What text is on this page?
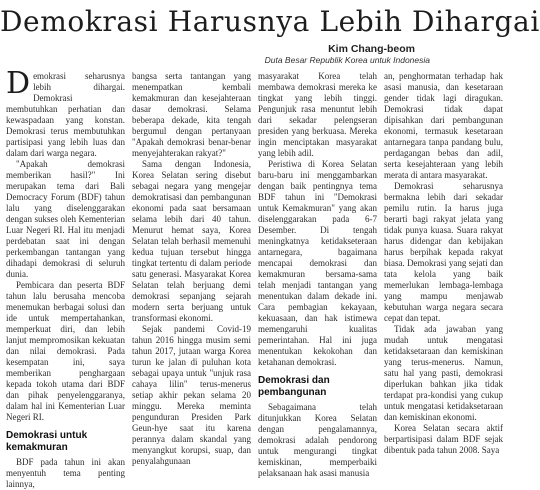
Demokrasi Harusnya Lebih Dihargai
Kim Chang-beom
Duta Besar Republik Korea untuk Indonesia

Demokrasi seharusnya lebih dihargai. Demokrasi membutuhkan perhatian dan kewaspadaan yang konstan. Demokrasi terus membutuhkan partisipasi yang lebih luas dan dalam dari warga negara.

"Apakah demokrasi memberikan hasil?" Ini merupakan tema dari Bali Democracy Forum (BDF) tahun lalu yang diselenggarakan dengan sukses oleh Kementerian Luar Negeri RI. Hal itu menjadi perdebatan saat ini dengan perkembangan tantangan yang dihadapi demokrasi di seluruh dunia.

Pembicara dan peserta BDF tahun lalu berusaha mencoba menemukan berbagai solusi dan ide untuk mempertahankan, memperkuat diri, dan lebih lanjut mempromosikan kekuatan dan nilai demokrasi. Pada kesempatan ini, saya memberikan penghargaan kepada tokoh utama dari BDF dan pihak penyelenggaranya, dalam hal ini Kementerian Luar Negeri RI.

Demokrasi untuk kemakmuran

BDF pada tahun ini akan menyentuh tema penting lainnya,

bangsa serta tantangan yang menempatkan kembali kemakmuran dan kesejahteraan dasar demokrasi. Selama beberapa dekade, kita tengah bergumul dengan pertanyaan "Apakah demokrasi benar-benar menyejahterakan rakyat?"

Sama dengan Indonesia, Korea Selatan sering disebut sebagai negara yang mengejar demokratisasi dan pembangunan ekonomi pada saat bersamaan selama lebih dari 40 tahun. Menurut hemat saya, Korea Selatan telah berhasil memenuhi kedua tujuan tersebut hingga tingkat tertentu di dalam periode satu generasi. Masyarakat Korea Selatan telah berjuang demi demokrasi sepanjang sejarah modern serta berjuang untuk transformasi ekonomi.

Sejak pandemi Covid-19 tahun 2016 hingga musim semi tahun 2017, jutaan warga Korea turun ke jalan di puluhan kota sebagai upaya untuk "unjuk rasa cahaya lilin" terus-menerus setiap akhir pekan selama 20 minggu. Mereka meminta pengunduran Presiden Park Geun-hye saat itu karena perannya dalam skandal yang menyangkut korupsi, suap, dan penyalahgunaan

masyarakat Korea telah membawa demokrasi mereka ke tingkat yang lebih tinggi. Pengunjuk rasa menuntut lebih dari sekadar pelengseran presiden yang berkuasa. Mereka ingin menciptakan masyarakat yang lebih adil.

Peristiwa di Korea Selatan baru-baru ini menggambarkan dengan baik pentingnya tema BDF tahun ini "Demokrasi untuk Kemakmuran" yang akan diselenggarakan pada 6-7 Desember. Di tengah meningkatnya ketidakseteraan antarnegara, bagaimana mencapai demokrasi dan kemakmuran bersama-sama telah menjadi tantangan yang menentukan dalam dekade ini. Cara pembagian kekayaan, kekuasaan, dan hak istimewa memengaruhi kualitas pemerintahan. Hal ini juga menentukan kekokohan dan ketahanan demokrasi.

Demokrasi dan pembangunan

Sebagaimana telah ditunjukkan Korea Selatan dengan pengalamannya, demokrasi adalah pendorong untuk mengurangi tingkat kemiskinan, memperbaiki pelaksanaan hak asasi manusia

an, penghormatan terhadap hak asasi manusia, dan kesetaraan gender tidak lagi diragukan. Demokrasi tidak dapat dipisahkan dari pembangunan ekonomi, termasuk kesetaraan antarnegara tanpa pandang bulu, perdagangan bebas dan adil, serta kesejahteraan yang lebih merata di antara masyarakat.

Demokrasi seharusnya bermakna lebih dari sekadar pemilu rutin. Ia harus juga berarti bagi rakyat jelata yang tidak punya kuasa. Suara rakyat harus didengar dan kebijakan harus berpihak kepada rakyat biasa. Demokrasi yang sejati dan tata kelola yang baik memerlukan lembaga-lembaga yang mampu menjawab kebutuhan warga negara secara cepat dan tepat.

Tidak ada jawaban yang mudah untuk mengatasi ketidaksetaraan dan kemiskinan yang terus-menerus. Namun, satu hal yang pasti, demokrasi diperlukan bahkan jika tidak terdapat pra-kondisi yang cukup untuk mengatasi ketidaksetaraan dan kemiskinan ekonomi.

Korea Selatan secara aktif berpartisipasi dalam BDF sejak dibentuk pada tahun 2008. Saya
